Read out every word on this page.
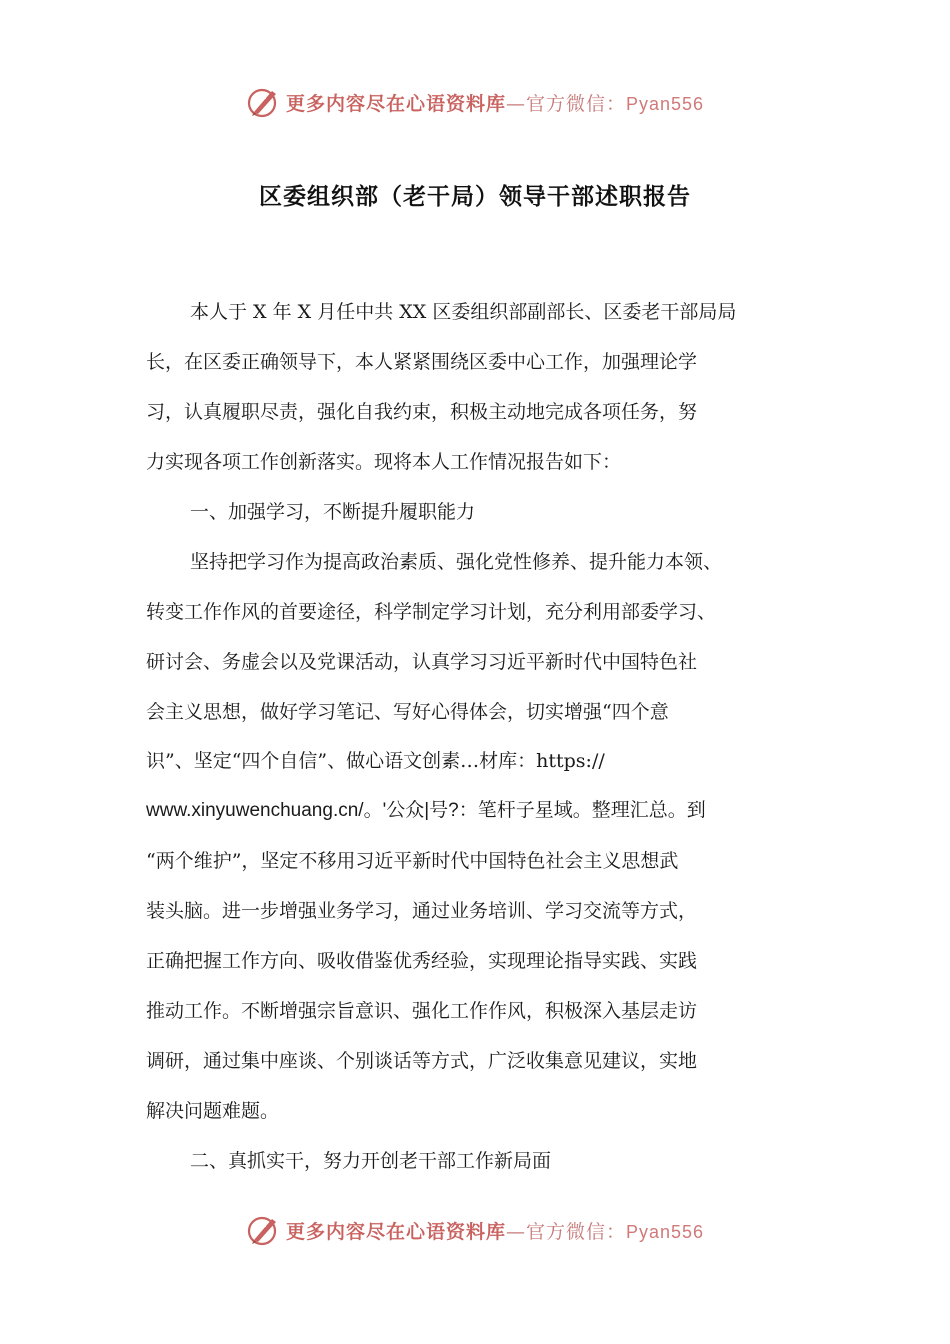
更多内容尽在心语资料库—官方微信：Pyan556
区委组织部（老干局）领导干部述职报告
本人于 X 年 X 月任中共 XX 区委组织部副部长、区委老干部局局
长，在区委正确领导下，本人紧紧围绕区委中心工作，加强理论学
习，认真履职尽责，强化自我约束，积极主动地完成各项任务，努
力实现各项工作创新落实。现将本人工作情况报告如下：
一、加强学习，不断提升履职能力
坚持把学习作为提高政治素质、强化党性修养、提升能力本领、
转变工作作风的首要途径，科学制定学习计划，充分利用部委学习、
研讨会、务虚会以及党课活动，认真学习习近平新时代中国特色社
会主义思想，做好学习笔记、写好心得体会，切实增强“四个意
识”、坚定“四个自信”、做心语文创素…材库：https://
www.xinyuwenchuang.cn/。'公众|号?：笔杆子星域。整理汇总。到
“两个维护”，坚定不移用习近平新时代中国特色社会主义思想武
装头脑。进一步增强业务学习，通过业务培训、学习交流等方式，
正确把握工作方向、吸收借鉴优秀经验，实现理论指导实践、实践
推动工作。不断增强宗旨意识、强化工作作风，积极深入基层走访
调研，通过集中座谈、个别谈话等方式，广泛收集意见建议，实地
解决问题难题。
二、真抓实干，努力开创老干部工作新局面
更多内容尽在心语资料库—官方微信：Pyan556
